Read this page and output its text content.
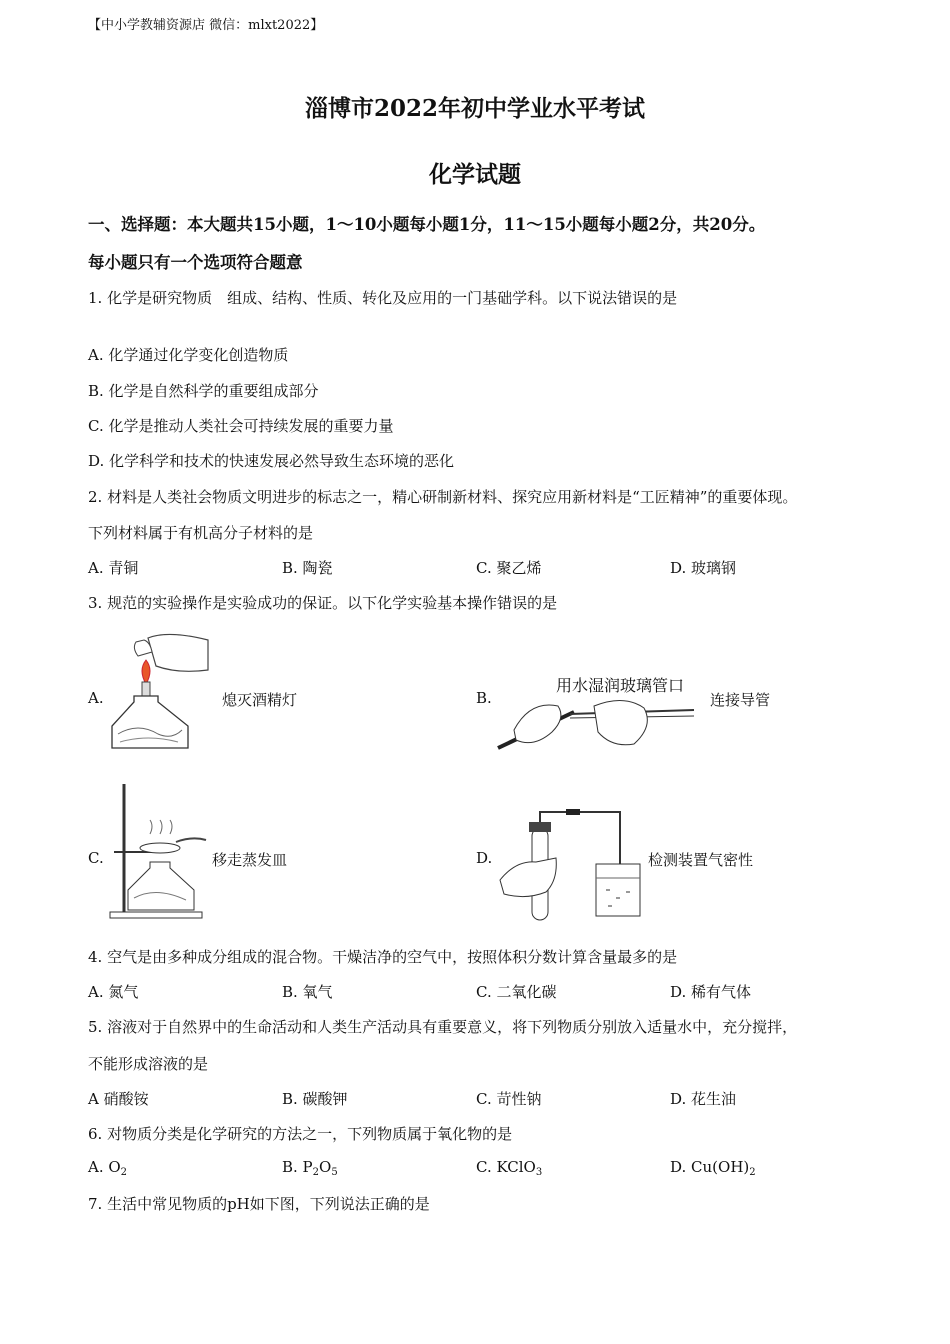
【中小学教辅资源店 微信：mlxt2022】
淄博市2022年初中学业水平考试
化学试题
一、选择题：本大题共15小题，1～10小题每小题1分，11～15小题每小题2分，共20分。
每小题只有一个选项符合题意
1. 化学是研究物质　组成、结构、性质、转化及应用的一门基础学科。以下说法错误的是
A. 化学通过化学变化创造物质
B. 化学是自然科学的重要组成部分
C. 化学是推动人类社会可持续发展的重要力量
D. 化学科学和技术的快速发展必然导致生态环境的恶化
2. 材料是人类社会物质文明进步的标志之一，精心研制新材料、探究应用新材料是“工匠精神”的重要体现。
下列材料属于有机高分子材料的是
A. 青铜	B. 陶瓷	C. 聚乙烯	D. 玻璃钢
3. 规范的实验操作是实验成功的保证。以下化学实验基本操作错误的是
A.	熄灭酒精灯	B.
用水湿润玻璃管口
连接导管
C.	移走蒸发皿	D.	检测装置气密性
4. 空气是由多种成分组成的混合物。干燥洁净的空气中，按照体积分数计算含量最多的是
A. 氮气	B. 氧气	C. 二氧化碳	D. 稀有气体
5. 溶液对于自然界中的生命活动和人类生产活动具有重要意义，将下列物质分别放入适量水中，充分搅拌，
不能形成溶液的是
A 硝酸铵	B. 碳酸钾	C. 苛性钠	D. 花生油
6. 对物质分类是化学研究的方法之一，下列物质属于氧化物的是
A. $O_2$	B. $P_2O_5$	C. KClO$_3$	D. $Cu(OH)_2$
7. 生活中常见物质的pH如下图，下列说法正确的是
